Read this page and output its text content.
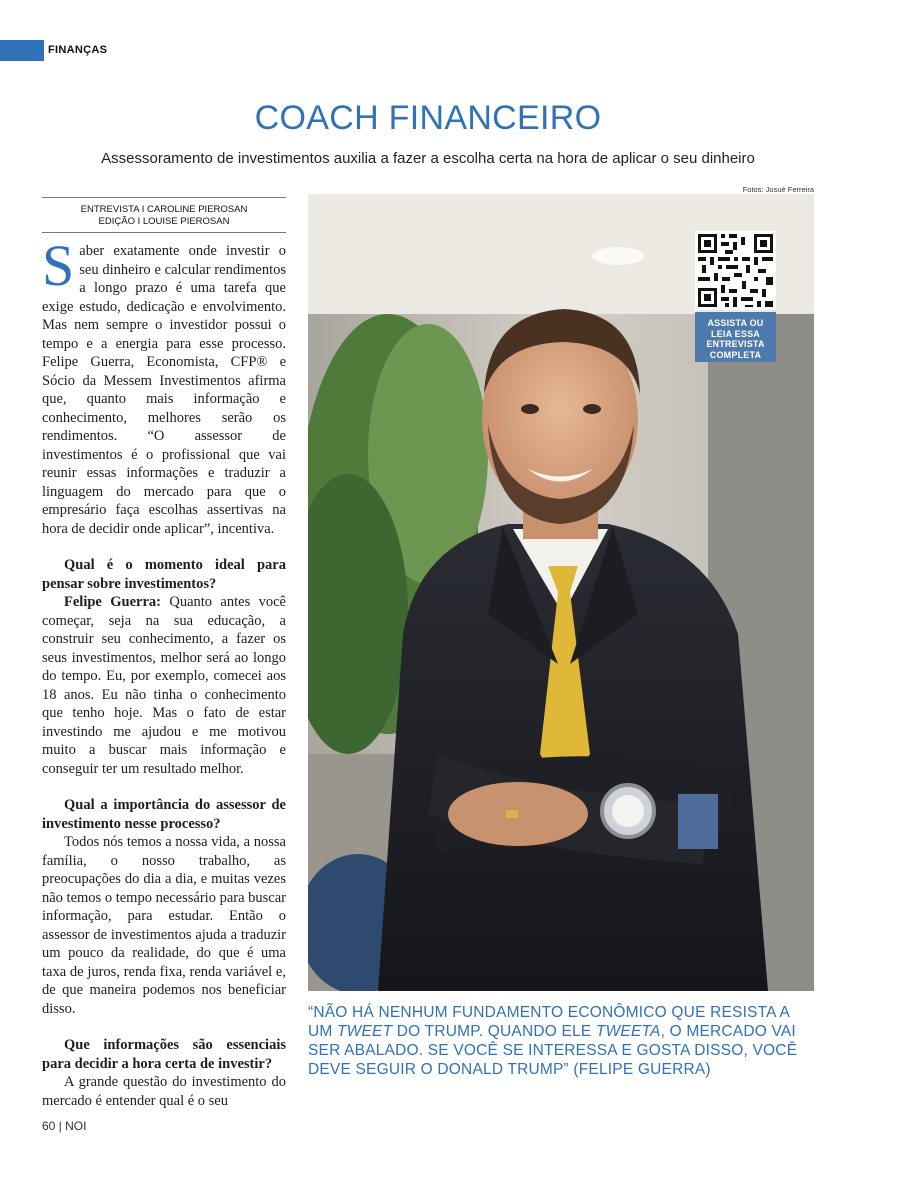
FINANÇAS
COACH FINANCEIRO
Assessoramento de investimentos auxilia a fazer a escolha certa na hora de aplicar o seu dinheiro
Fotos: Josué Ferreira
ENTREVISTA I CAROLINE PIEROSAN
EDIÇÃO I LOUISE PIEROSAN

Saber exatamente onde investir o seu dinheiro e calcular rendimentos a longo prazo é uma tarefa que exige estudo, dedicação e envolvimento. Mas nem sempre o investidor possui o tempo e a energia para esse processo. Felipe Guerra, Economista, CFP® e Sócio da Messem Investimentos afirma que, quanto mais informação e conhecimento, melhores serão os rendimentos. “O assessor de investimentos é o profissional que vai reunir essas informações e traduzir a linguagem do mercado para que o empresário faça escolhas assertivas na hora de decidir onde aplicar”, incentiva.

Qual é o momento ideal para pensar sobre investimentos?

Felipe Guerra: Quanto antes você começar, seja na sua educação, a construir seu conhecimento, a fazer os seus investimentos, melhor será ao longo do tempo. Eu, por exemplo, comecei aos 18 anos. Eu não tinha o conhecimento que tenho hoje. Mas o fato de estar investindo me ajudou e me motivou muito a buscar mais informação e conseguir ter um resultado melhor.

Qual a importância do assessor de investimento nesse processo?

Todos nós temos a nossa vida, a nossa família, o nosso trabalho, as preocupações do dia a dia, e muitas vezes não temos o tempo necessário para buscar informação, para estudar. Então o assessor de investimentos ajuda a traduzir um pouco da realidade, do que é uma taxa de juros, renda fixa, renda variável e, de que maneira podemos nos beneficiar disso.

Que informações são essenciais para decidir a hora certa de investir?

A grande questão do investimento do mercado é entender qual é o seu

ASSISTA OU
LEIA ESSA
ENTREVISTA
COMPLETA
“NÃO HÁ NENHUM FUNDAMENTO ECONÔMICO QUE RESISTA A UM TWEET DO TRUMP. QUANDO ELE TWEETA, O MERCADO VAI SER ABALADO. SE VOCÊ SE INTERESSA E GOSTA DISSO, VOCÊ DEVE SEGUIR O DONALD TRUMP” (FELIPE GUERRA)
60 | NOI
